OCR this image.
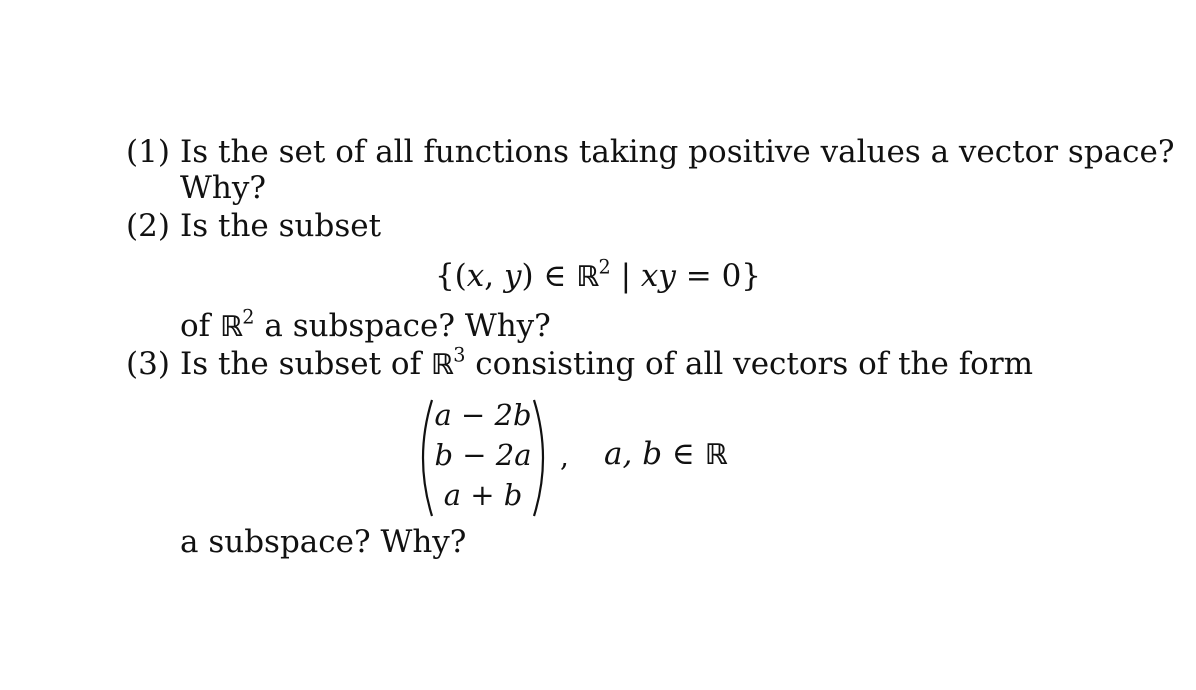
(1) Is the set of all functions taking positive values a vector space?
Why?
(2) Is the subset
{(x, y) ∈ ℝ$^2$ | xy = 0}
of ℝ$^2$ a subspace? Why?
(3) Is the subset of ℝ$^3$ consisting of all vectors of the form
a − 2b
b − 2a
a + b
, a, b ∈ ℝ
a subspace? Why?
